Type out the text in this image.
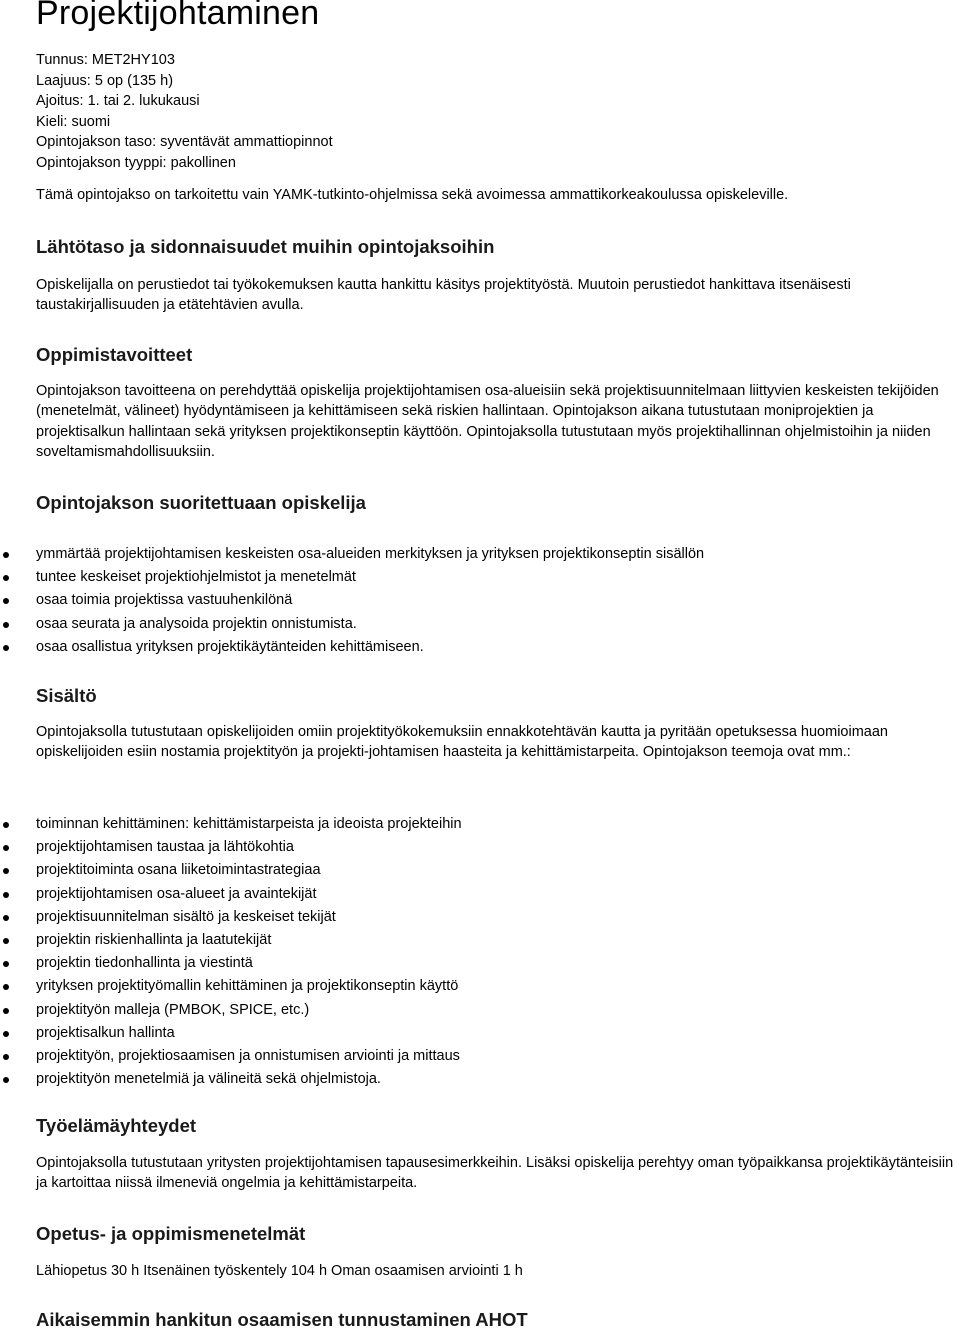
Projektijohtaminen
Tunnus: MET2HY103
Laajuus: 5 op (135 h)
Ajoitus: 1. tai 2. lukukausi
Kieli: suomi
Opintojakson taso: syventävät ammattiopinnot
Opintojakson tyyppi: pakollinen

Tämä opintojakso on tarkoitettu vain YAMK-tutkinto-ohjelmissa sekä avoimessa ammattikorkeakoulussa opiskeleville.

Lähtötaso ja sidonnaisuudet muihin opintojaksoihin

Opiskelijalla on perustiedot tai työkokemuksen kautta hankittu käsitys projektityöstä. Muutoin perustiedot hankittava itsenäisesti taustakirjallisuuden ja etätehtävien avulla.

Oppimistavoitteet

Opintojakson tavoitteena on perehdyttää opiskelija projektijohtamisen osa-alueisiin sekä projektisuunnitelmaan liittyvien keskeisten tekijöiden (menetelmät, välineet) hyödyntämiseen ja kehittämiseen sekä riskien hallintaan. Opintojakson aikana tutustutaan moniprojektien ja projektisalkun hallintaan sekä yrityksen projektikonseptin käyttöön. Opintojaksolla tutustutaan myös projektihallinnan ohjelmistoihin ja niiden soveltamismahdollisuuksiin.

Opintojakson suoritettuaan opiskelija
ymmärtää projektijohtamisen keskeisten osa-alueiden merkityksen ja yrityksen projektikonseptin sisällön
tuntee keskeiset projektiohjelmistot ja menetelmät
osaa toimia projektissa vastuuhenkilönä
osaa seurata ja analysoida projektin onnistumista.
osaa osallistua yrityksen projektikäytänteiden kehittämiseen.
Sisältö

Opintojaksolla tutustutaan opiskelijoiden omiin projektityökokemuksiin ennakkotehtävän kautta ja pyritään opetuksessa huomioimaan opiskelijoiden esiin nostamia projektityön ja projekti-johtamisen haasteita ja kehittämistarpeita. Opintojakson teemoja ovat mm.:

toiminnan kehittäminen: kehittämistarpeista ja ideoista projekteihin
projektijohtamisen taustaa ja lähtökohtia
projektitoiminta osana liiketoimintastrategiaa
projektijohtamisen osa-alueet ja avaintekijät
projektisuunnitelman sisältö ja keskeiset tekijät
projektin riskienhallinta ja laatutekijät
projektin tiedonhallinta ja viestintä
yrityksen projektityömallin kehittäminen ja projektikonseptin käyttö
projektityön malleja (PMBOK, SPICE, etc.)
projektisalkun hallinta
projektityön, projektiosaamisen ja onnistumisen arviointi ja mittaus
projektityön menetelmiä ja välineitä sekä ohjelmistoja.
Työelämäyhteydet

Opintojaksolla tutustutaan yritysten projektijohtamisen tapausesimerkkeihin. Lisäksi opiskelija perehtyy oman työpaikkansa projektikäytänteisiin ja kartoittaa niissä ilmeneviä ongelmia ja kehittämistarpeita.

Opetus- ja oppimismenetelmät

Lähiopetus 30 h Itsenäinen työskentely 104 h Oman osaamisen arviointi 1 h

Aikaisemmin hankitun osaamisen tunnustaminen AHOT
